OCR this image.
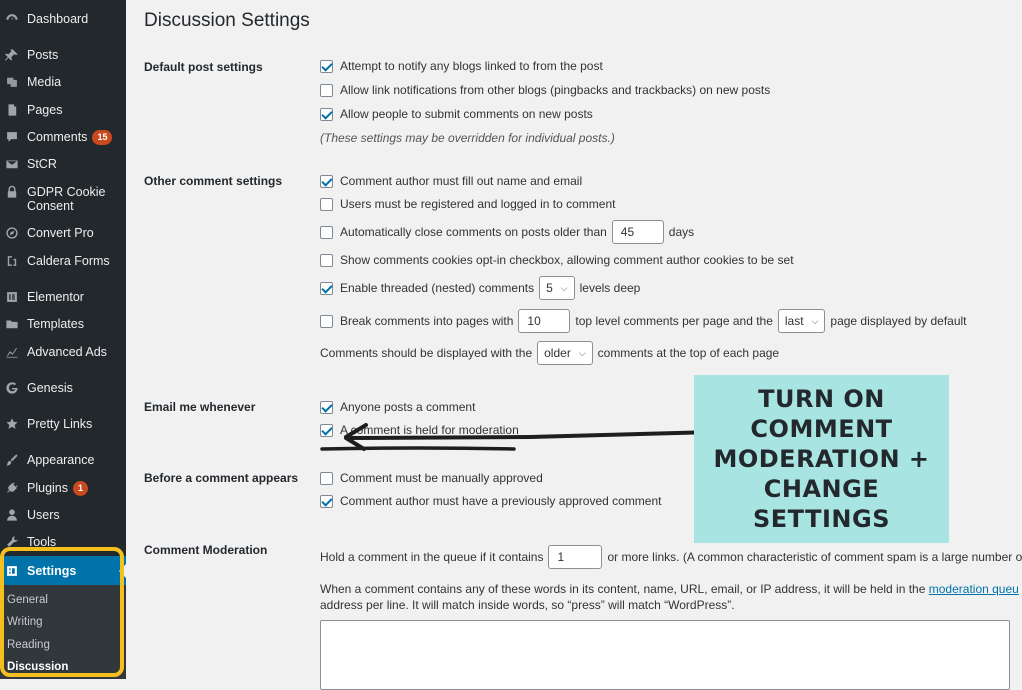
Dashboard
Posts
Media
Pages
Comments	15
StCR
GDPR Cookie Consent
Convert Pro
Caldera Forms
Elementor
Templates
Advanced Ads
Genesis
Pretty Links
Appearance
Plugins	1
Users
Tools
Settings
General
Writing
Reading
Discussion
Discussion Settings
Default post settings	Attempt to notify any blogs linked to from the post
Allow link notifications from other blogs (pingbacks and trackbacks) on new posts
Allow people to submit comments on new posts
(These settings may be overridden for individual posts.)
Other comment settings	Comment author must fill out name and email
Users must be registered and logged in to comment
Automatically close comments on posts older than	45	days
Show comments cookies opt-in checkbox, allowing comment author cookies to be set
Enable threaded (nested) comments 5 ⌵ levels deep
Break comments into pages with	10	top level comments per page and the last ⌵ page displayed by default
Comments should be displayed with the older ⌵ comments at the top of each page
Email me whenever	Anyone posts a comment
A comment is held for moderation
Before a comment appears	Comment must be manually approved
Comment author must have a previously approved comment
Comment Moderation	Hold a comment in the queue if it contains	1	or more links. (A common characteristic of comment spam is a large number o
When a comment contains any of these words in its content, name, URL, email, or IP address, it will be held in the moderation queu
address per line. It will match inside words, so “press” will match “WordPress”.
TURN ON COMMENT MODERATION + CHANGE SETTINGS
